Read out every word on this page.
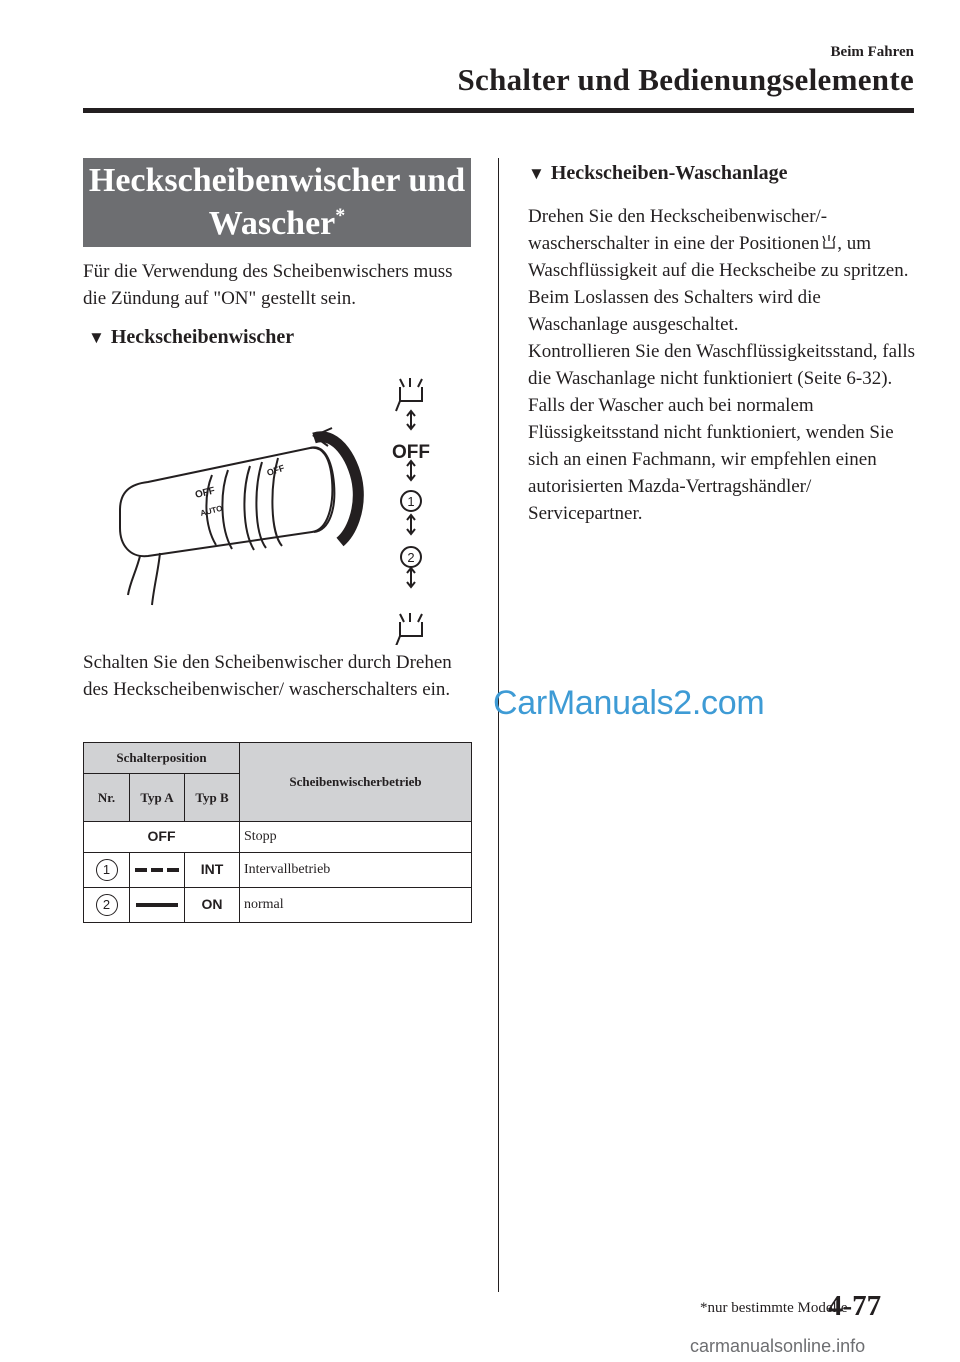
Beim Fahren
Schalter und Bedienungselemente
Heckscheibenwischer und
Wascher*
Für die Verwendung des Scheibenwischers muss die Zündung auf "ON" gestellt sein.
▼ Heckscheibenwischer
OFF
1
2
OFF
AUTO
OFF
Schalten Sie den Scheibenwischer durch Drehen des Heckscheibenwischer/ wascherschalters ein.
Schalterposition			Scheibenwischerbetrieb
Nr.	Typ A	Typ B	
OFF			Stopp
1		INT	Intervallbetrieb
2		ON	normal
▼ Heckscheiben-Waschanlage
Drehen Sie den Heckscheibenwischer/-wascherschalter in eine der Positionen , um Waschflüssigkeit auf die Heckscheibe zu spritzen. Beim Loslassen des Schalters wird die Waschanlage ausgeschaltet.
Kontrollieren Sie den Waschflüssigkeitsstand, falls die Waschanlage nicht funktioniert (Seite 6-32). Falls der Wascher auch bei normalem Flüssigkeitsstand nicht funktioniert, wenden Sie sich an einen Fachmann, wir empfehlen einen autorisierten Mazda-Vertragshändler/ Servicepartner.
CarManuals2.com
*nur bestimmte Modelle
4-77
carmanualsonline.info
